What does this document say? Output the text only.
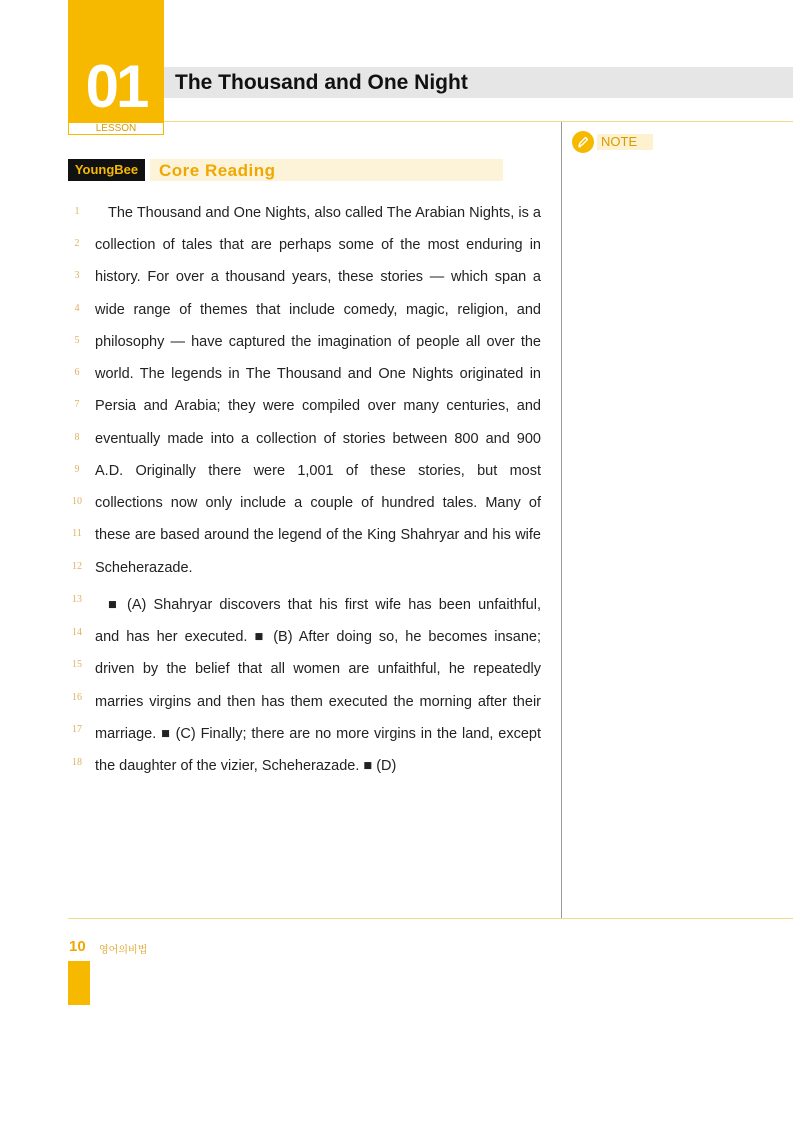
01
LESSON
The Thousand and One Night
NOTE
YoungBee	Core Reading
1	The Thousand and One Nights, also called The Arabian Nights, is a
2	collection of tales that are perhaps some of the most enduring in
3	history. For over a thousand years, these stories — which span a
4	wide range of themes that include comedy, magic, religion, and
5	philosophy — have captured the imagination of people all over the
6	world. The legends in The Thousand and One Nights originated in
7	Persia and Arabia; they were compiled over many centuries, and
8	eventually made into a collection of stories between 800 and 900
9	A.D. Originally there were 1,001 of these stories, but most
10 collections now only include a couple of hundred tales. Many of
11 these are based around the legend of the King Shahryar and his wife
12 Scheherazade.
13	■ (A) Shahryar discovers that his first wife has been unfaithful,
14 and has her executed. ■ (B) After doing so, he becomes insane;
15 driven by the belief that all women are unfaithful, he repeatedly
16 marries virgins and then has them executed the morning after their
17 marriage. ■ (C) Finally; there are no more virgins in the land, except
18 the daughter of the vizier, Scheherazade. ■ (D)
10 영어의비법
